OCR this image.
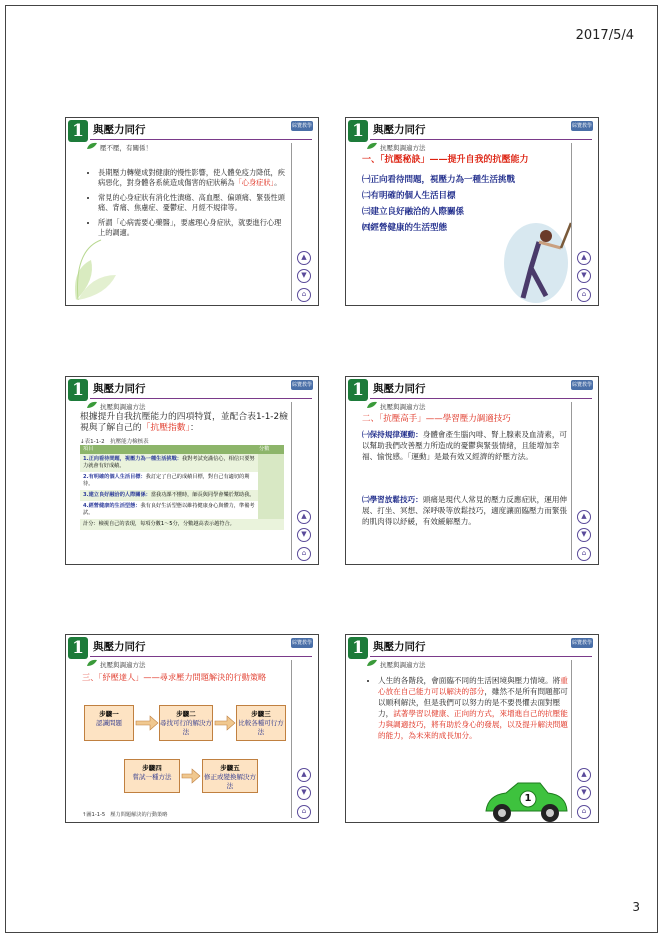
2017/5/4
1 與壓力同行	綜覽教學
壓不壓，有關係！
• 長期壓力轉變成對健康的慢性影響，使人體免疫力降低，疾病惡化，對身體各系統造成傷害的症狀稱為「心身症狀」。
• 常見的心身症狀有消化性潰瘍、高血壓、偏頭痛、緊張性頭痛、背痛、焦慮症、憂鬱症、月經不規律等。
• 所謂「心病需要心藥醫」，要處理心身症狀，就要進行心理上的調適。
▲
▼
⌂
1 與壓力同行	綜覽教學
抗壓與調適方法
一、「抗壓秘訣」——提升自我的抗壓能力
㈠正向看待問題，視壓力為一種生活挑戰
㈡有明確的個人生活目標
㈢建立良好融洽的人際關係
㈣經營健康的生活型態
▲
▼
⌂
1 與壓力同行	綜覽教學
抗壓與調適方法
根據提升自我抗壓能力的四項特質，並配合表1-1-2檢視與了解自己的「抗壓指數」：
↓表1-1-2　抗壓能力檢核表
項目	分數
1.正向看待問題，視壓力為一種生活挑戰：我對考試充滿信心，相信只要努力就會有好成績。	
2.有明確的個人生活目標：我訂定了自己的成績目標，對自己有適切的期待。	
3.建立良好融洽的人際關係：當我功課不懂時，師長與同學會樂於幫助我。	
4.經營健康的生活型態：我有良好生活型態以維持健康身心與體力，準備考試。	
計分：檢視自己的表現，每項分數1～5分，分數越高表示越符合。	
▲
▼
⌂
1 與壓力同行	綜覽教學
抗壓與調適方法
二、「抗壓高手」——學習壓力調適技巧
㈠保持規律運動：身體會產生腦內啡、腎上腺素及血清素，可以幫助我們改善壓力所造成的憂鬱與緊張情緒，且能增加幸福、愉悅感。「運動」是最有效又經濟的紓壓方法。
㈡學習放鬆技巧：頭痛是現代人常見的壓力反應症狀，運用伸展、打坐、冥想、深呼吸等放鬆技巧，適度讓面臨壓力而緊張的肌肉得以紓緩，有效緩解壓力。
▲
▼
⌂
1 與壓力同行	綜覽教學
抗壓與調適方法
三、「紓壓達人」——尋求壓力問題解決的行動策略
步驟一
認識問題
步驟二
尋找可行的解決方法
步驟三
比較各種可行方法
步驟四
嘗試一種方法
步驟五
修正或變換解決方法
↑圖1-1-5　壓力問題解決的行動策略
▲
▼
⌂
1 與壓力同行	綜覽教學
抗壓與調適方法
• 人生的各階段，會面臨不同的生活困境與壓力情境。將重心放在自己能力可以解決的部分，雖然不是所有問題都可以順利解決，但是我們可以努力的是不要畏懼去面對壓力，試著學習以健康、正向的方式，來增進自己的抗壓能力與調適技巧，將有助於身心的發展，以及提升解決問題的能力，為未來的成長加分。
1
▲
▼
⌂
3
